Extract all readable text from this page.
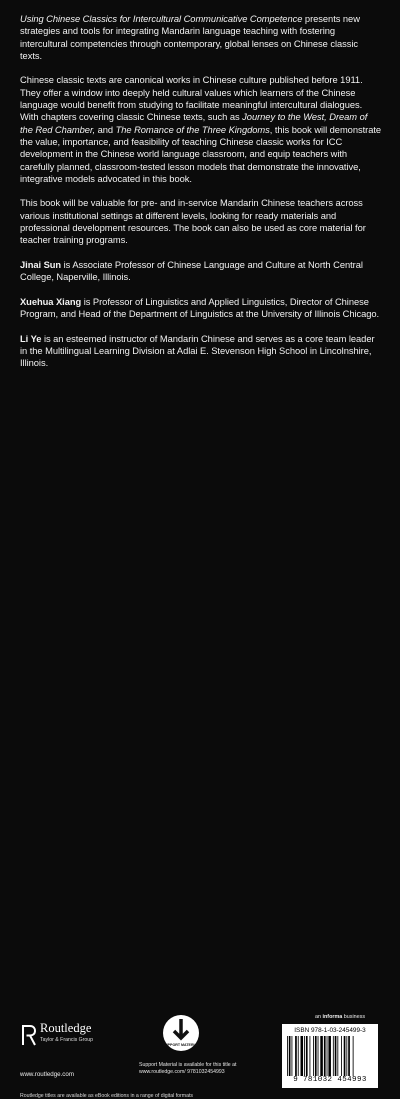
Using Chinese Classics for Intercultural Communicative Competence presents new strategies and tools for integrating Mandarin language teaching with fostering intercultural competencies through contemporary, global lenses on Chinese classic texts.

Chinese classic texts are canonical works in Chinese culture published before 1911. They offer a window into deeply held cultural values which learners of the Chinese language would benefit from studying to facilitate meaningful intercultural dialogues. With chapters covering classic Chinese texts, such as Journey to the West, Dream of the Red Chamber, and The Romance of the Three Kingdoms, this book will demonstrate the value, importance, and feasibility of teaching Chinese classic works for ICC development in the Chinese world language classroom, and equip teachers with carefully planned, classroom-tested lesson models that demonstrate the innovative, integrative models advocated in this book.

This book will be valuable for pre- and in-service Mandarin Chinese teachers across various institutional settings at different levels, looking for ready materials and professional development resources. The book can also be used as core material for teacher training programs.

Jinai Sun is Associate Professor of Chinese Language and Culture at North Central College, Naperville, Illinois.

Xuehua Xiang is Professor of Linguistics and Applied Linguistics, Director of Chinese Program, and Head of the Department of Linguistics at the University of Illinois Chicago.

Li Ye is an esteemed instructor of Mandarin Chinese and serves as a core team leader in the Multilingual Learning Division at Adlai E. Stevenson High School in Lincolnshire, Illinois.

Routledge
Taylor & Francis Group
www.routledge.com
SUPPORT MATERIAL
Support Material is available for this title at
www.routledge.com/ 9781032454993
an informa business
ISBN 978-1-03-245499-3
9 781032 454993
Routledge titles are available as eBook editions in a range of digital formats
